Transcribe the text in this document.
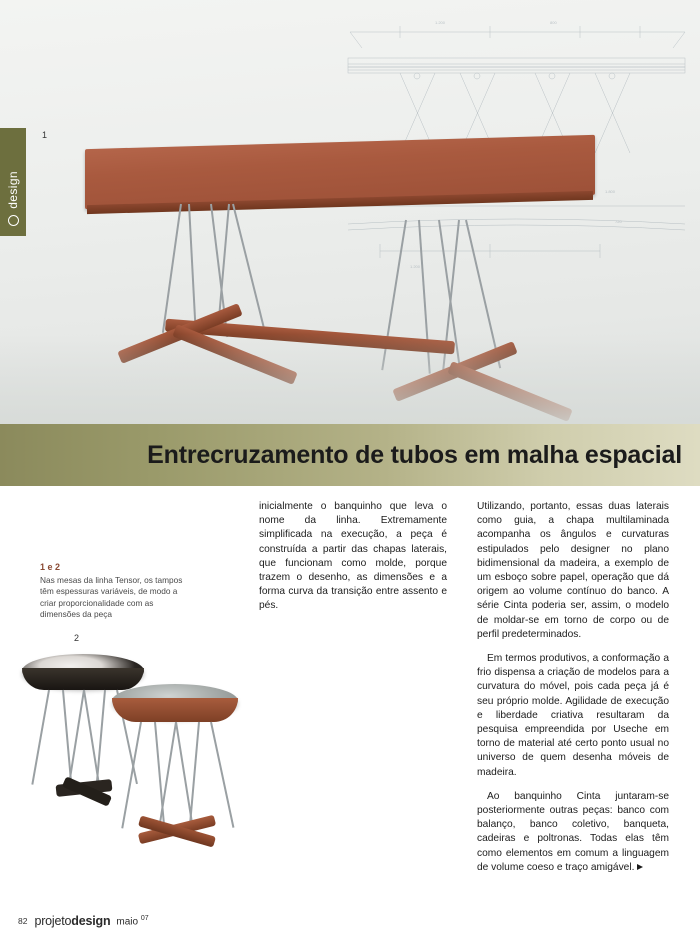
1.200	800
1.800
720
1.200
1
design
Entrecruzamento de tubos em malha espacial
1 e 2
Nas mesas da linha Tensor, os tampos têm espessuras variáveis, de modo a criar proporcionalidade com as dimensões da peça
2

inicialmente o banquinho que leva o nome da linha. Extremamente simplificada na execução, a peça é construída a partir das chapas laterais, que funcionam como molde, porque trazem o desenho, as dimensões e a forma curva da transição entre assento e pés.

Utilizando, portanto, essas duas laterais como guia, a chapa multilaminada acompanha os ângulos e curvaturas estipulados pelo designer no plano bidimensional da madeira, a exemplo de um esboço sobre papel, operação que dá origem ao volume contínuo do banco. A série Cinta poderia ser, assim, o modelo de moldar-se em torno de corpo ou de perfil predeterminados.

Em termos produtivos, a conformação a frio dispensa a criação de modelos para a curvatura do móvel, pois cada peça já é seu próprio molde. Agilidade de execução e liberdade criativa resultaram da pesquisa empreendida por Useche em torno de material até certo ponto usual no universo de quem desenha móveis de madeira.

Ao banquinho Cinta juntaram-se posteriormente outras peças: banco com balanço, banco coletivo, banqueta, cadeiras e poltronas. Todas elas têm como elementos em comum a linguagem de volume coeso e traço amigável.

82 projetodesign maio $^{07}$
